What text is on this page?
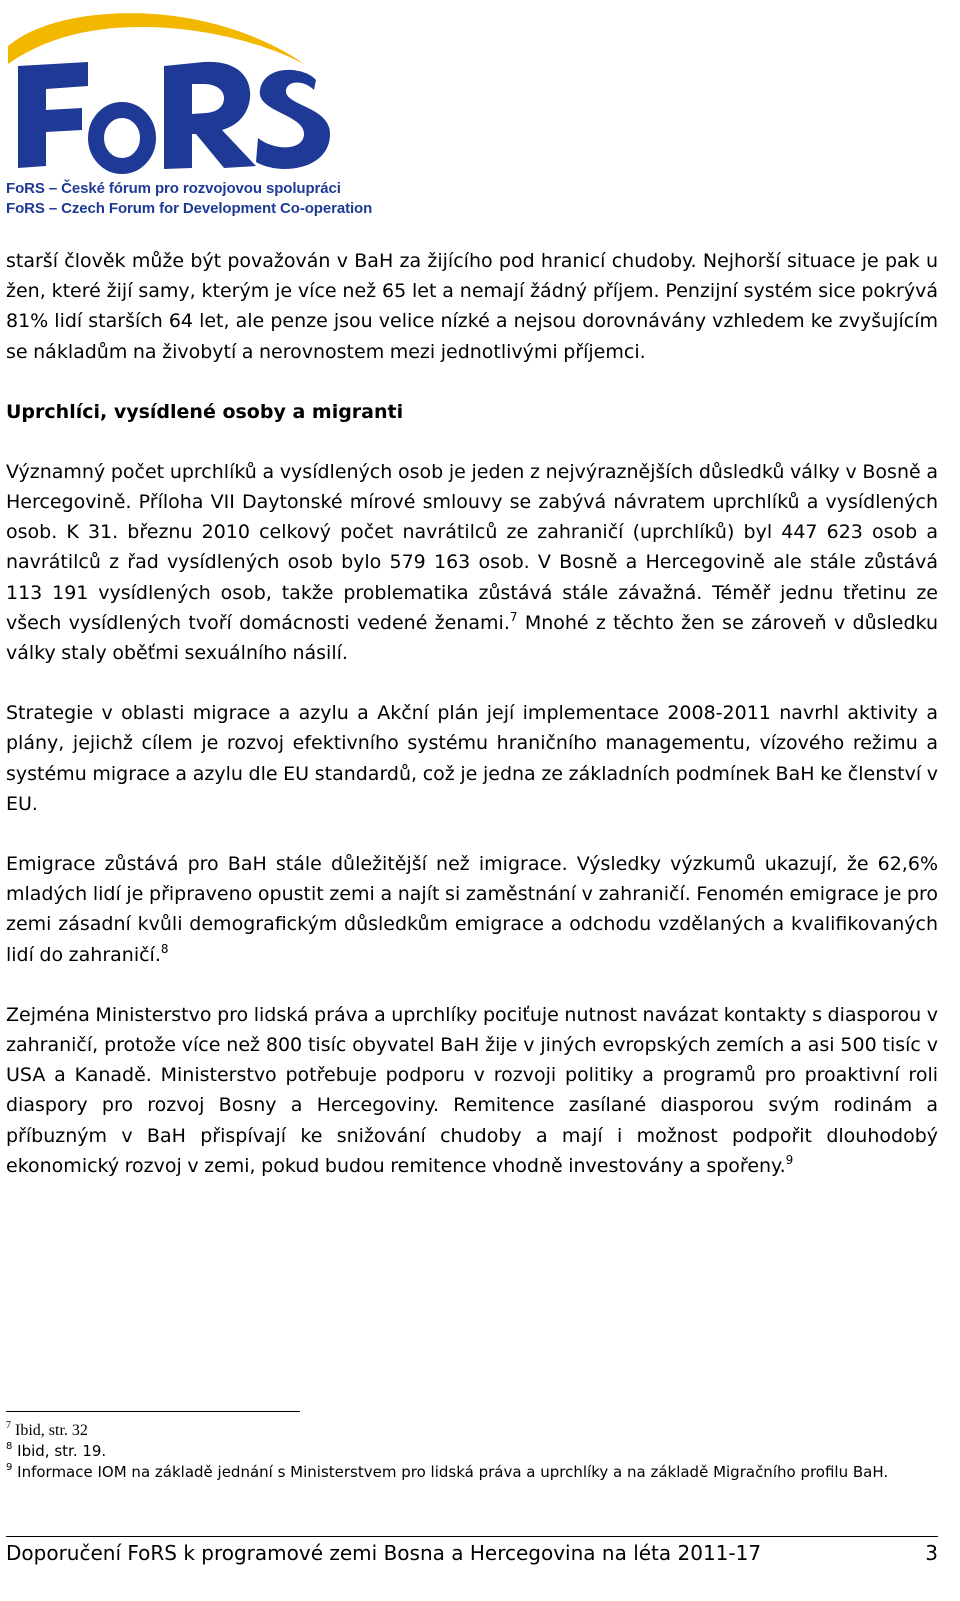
FoRS – České fórum pro rozvojovou spolupráci
FoRS – Czech Forum for Development Co-operation

starší člověk může být považován v BaH za žijícího pod hranicí chudoby. Nejhorší situace je pak u žen, které žijí samy, kterým je více než 65 let a nemají žádný příjem. Penzijní systém sice pokrývá 81% lidí starších 64 let, ale penze jsou velice nízké a nejsou dorovnávány vzhledem ke zvyšujícím se nákladům na živobytí a nerovnostem mezi jednotlivými příjemci.

Uprchlíci, vysídlené osoby a migranti

Významný počet uprchlíků a vysídlených osob je jeden z nejvýraznějších důsledků války v Bosně a Hercegovině. Příloha VII Daytonské mírové smlouvy se zabývá návratem uprchlíků a vysídlených osob. K 31. březnu 2010 celkový počet navrátilců ze zahraničí (uprchlíků) byl 447 623 osob a navrátilců z řad vysídlených osob bylo 579 163 osob. V Bosně a Hercegovině ale stále zůstává 113 191 vysídlených osob, takže problematika zůstává stále závažná. Téměř jednu třetinu ze všech vysídlených tvoří domácnosti vedené ženami.$^7$ Mnohé z těchto žen se zároveň v důsledku války staly oběťmi sexuálního násilí.

Strategie v oblasti migrace a azylu a Akční plán její implementace 2008-2011 navrhl aktivity a plány, jejichž cílem je rozvoj efektivního systému hraničního managementu, vízového režimu a systému migrace a azylu dle EU standardů, což je jedna ze základních podmínek BaH ke členství v EU.

Emigrace zůstává pro BaH stále důležitější než imigrace. Výsledky výzkumů ukazují, že 62,6% mladých lidí je připraveno opustit zemi a najít si zaměstnání v zahraničí. Fenomén emigrace je pro zemi zásadní kvůli demografickým důsledkům emigrace a odchodu vzdělaných a kvalifikovaných lidí do zahraničí.$^8$

Zejména Ministerstvo pro lidská práva a uprchlíky pociťuje nutnost navázat kontakty s diasporou v zahraničí, protože více než 800 tisíc obyvatel BaH žije v jiných evropských zemích a asi 500 tisíc v USA a Kanadě. Ministerstvo potřebuje podporu v rozvoji politiky a programů pro proaktivní roli diaspory pro rozvoj Bosny a Hercegoviny. Remitence zasílané diasporou svým rodinám a příbuzným v BaH přispívají ke snižování chudoby a mají i možnost podpořit dlouhodobý ekonomický rozvoj v zemi, pokud budou remitence vhodně investovány a spořeny.$^9$

$^7$ Ibid, str. 32

$^8$ Ibid, str. 19.

$^9$ Informace IOM na základě jednání s Ministerstvem pro lidská práva a uprchlíky a na základě Migračního profilu BaH.

Doporučení FoRS k programové zemi Bosna a Hercegovina na léta 2011-17	3
